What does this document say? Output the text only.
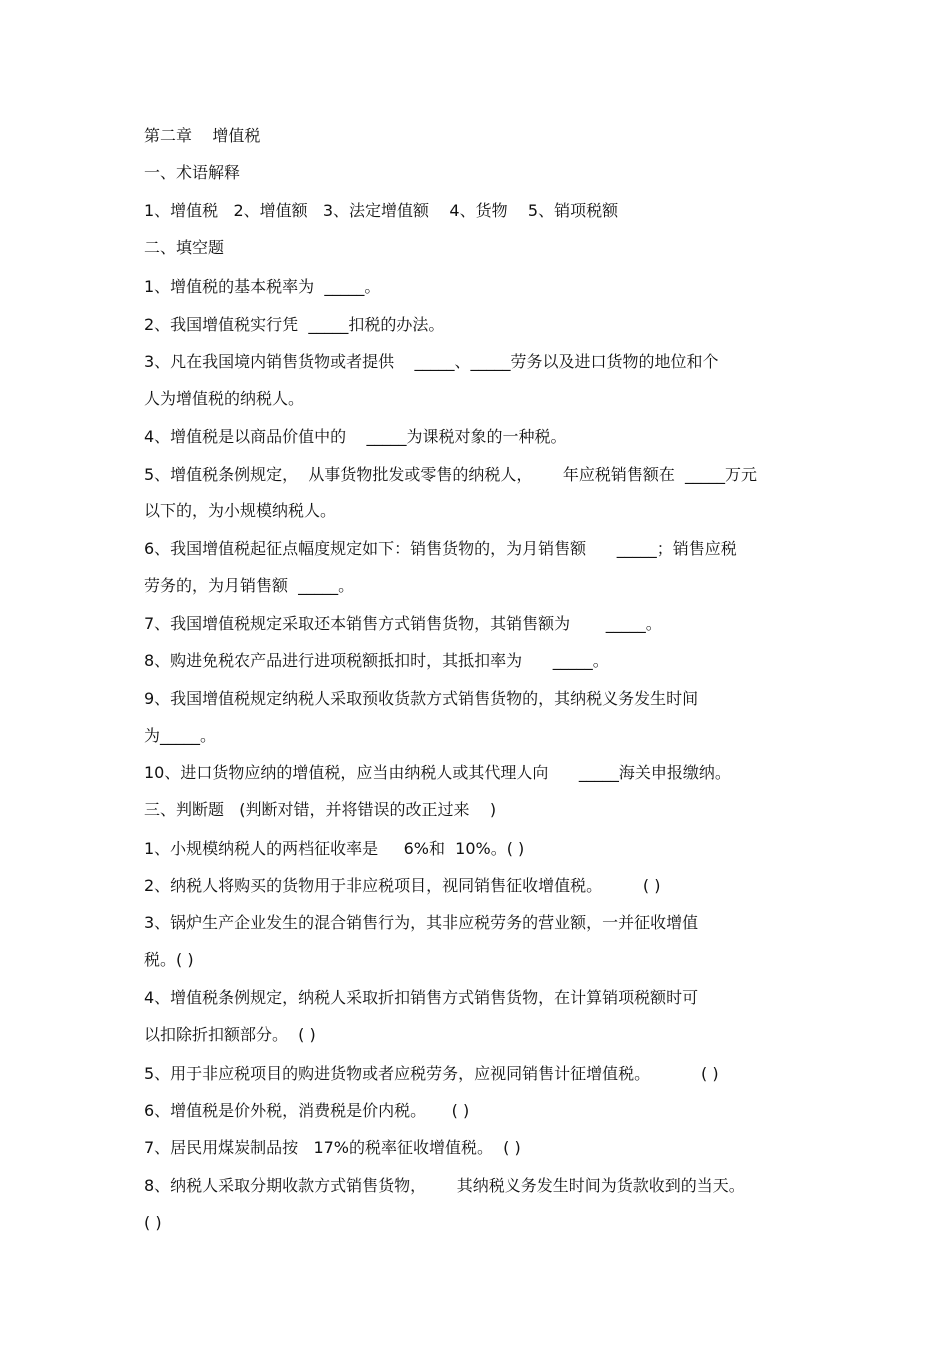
第二章    增值税
一、术语解释
1、增值税   2、增值额   3、法定增值额    4、货物    5、销项税额
二、填空题
1、增值税的基本税率为  _____。
2、我国增值税实行凭  _____扣税的办法。
3、凡在我国境内销售货物或者提供    _____、_____劳务以及进口货物的地位和个
人为增值税的纳税人。
4、增值税是以商品价值中的    _____为课税对象的一种税。
5、增值税条例规定，  从事货物批发或零售的纳税人，      年应税销售额在  _____万元
以下的，为小规模纳税人。
6、我国增值税起征点幅度规定如下：销售货物的，为月销售额      _____；销售应税
劳务的，为月销售额  _____。
7、我国增值税规定采取还本销售方式销售货物，其销售额为       _____。
8、购进免税农产品进行进项税额抵扣时，其抵扣率为      _____。
9、我国增值税规定纳税人采取预收货款方式销售货物的，其纳税义务发生时间
为_____。
10、进口货物应纳的增值税，应当由纳税人或其代理人向      _____海关申报缴纳。
三、判断题   (判断对错，并将错误的改正过来    )
1、小规模纳税人的两档征收率是     6%和  10%。( )
2、纳税人将购买的货物用于非应税项目，视同销售征收增值税。        ( )
3、锅炉生产企业发生的混合销售行为，其非应税劳务的营业额，一并征收增值
税。( )
4、增值税条例规定，纳税人采取折扣销售方式销售货物，在计算销项税额时可
以扣除折扣额部分。  ( )
5、用于非应税项目的购进货物或者应税劳务，应视同销售计征增值税。          ( )
6、增值税是价外税，消费税是价内税。     ( )
7、居民用煤炭制品按   17%的税率征收增值税。  ( )
8、纳税人采取分期收款方式销售货物，      其纳税义务发生时间为货款收到的当天。
( )
